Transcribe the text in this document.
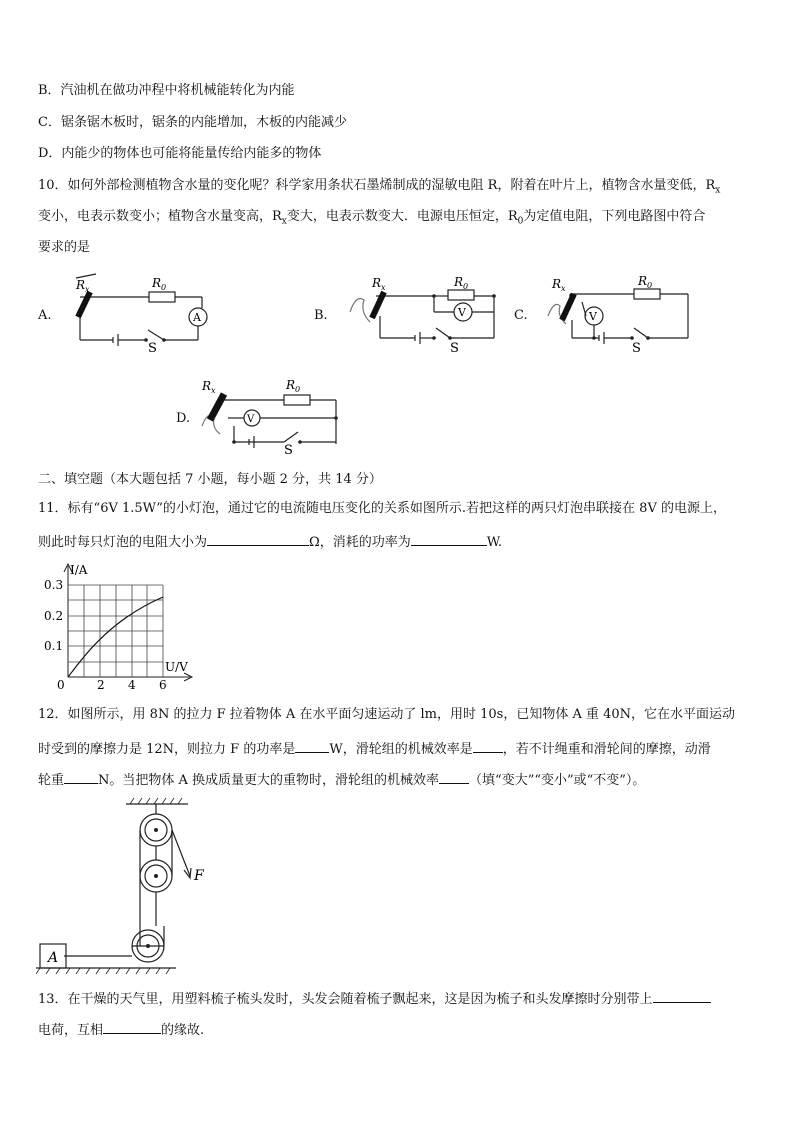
B．汽油机在做功冲程中将机械能转化为内能
C．锯条锯木板时，锯条的内能增加，木板的内能减少
D．内能少的物体也可能将能量传给内能多的物体
10．如何外部检测植物含水量的变化呢？科学家用条状石墨烯制成的湿敏电阻 R，附着在叶片上，植物含水量变低，$R_x$
变小，电表示数变小；植物含水量变高，$R_x$变大，电表示数变大．电源电压恒定，$R_0$为定值电阻，下列电路图中符合
要求的是
A.
$R_x$	$R_0$
A
S
B.
$R_x$	$R_0$
V
S
C.
$R_x$
$R_0$
V
S
D.
$R_x$	$R_0$
V
S
二、填空题（本大题包括 7 小题，每小题 2 分，共 14 分）
11．标有“6V 1.5W”的小灯泡，通过它的电流随电压变化的关系如图所示.若把这样的两只灯泡串联接在 8V 的电源上，
则此时每只灯泡的电阻大小为	Ω，消耗的功率为	W.
I/A
U/V
0.3
0.2
0.1
0	2 4 6
12．如图所示，用 8N 的拉力 F 拉着物体 A 在水平面匀速运动了 lm，用时 10s，已知物体 A 重 40N，它在水平面运动
时受到的摩擦力是 12N，则拉力 F 的功率是	W，滑轮组的机械效率是 ，若不计绳重和滑轮间的摩擦，动滑
轮重	N。当把物体 A 换成质量更大的重物时，滑轮组的机械效率 （填“变大”“变小”或“不变”）。
A
F
13．在干燥的天气里，用塑料梳子梳头发时，头发会随着梳子飘起来，这是因为梳子和头发摩擦时分别带上
电荷，互相	的缘故.
